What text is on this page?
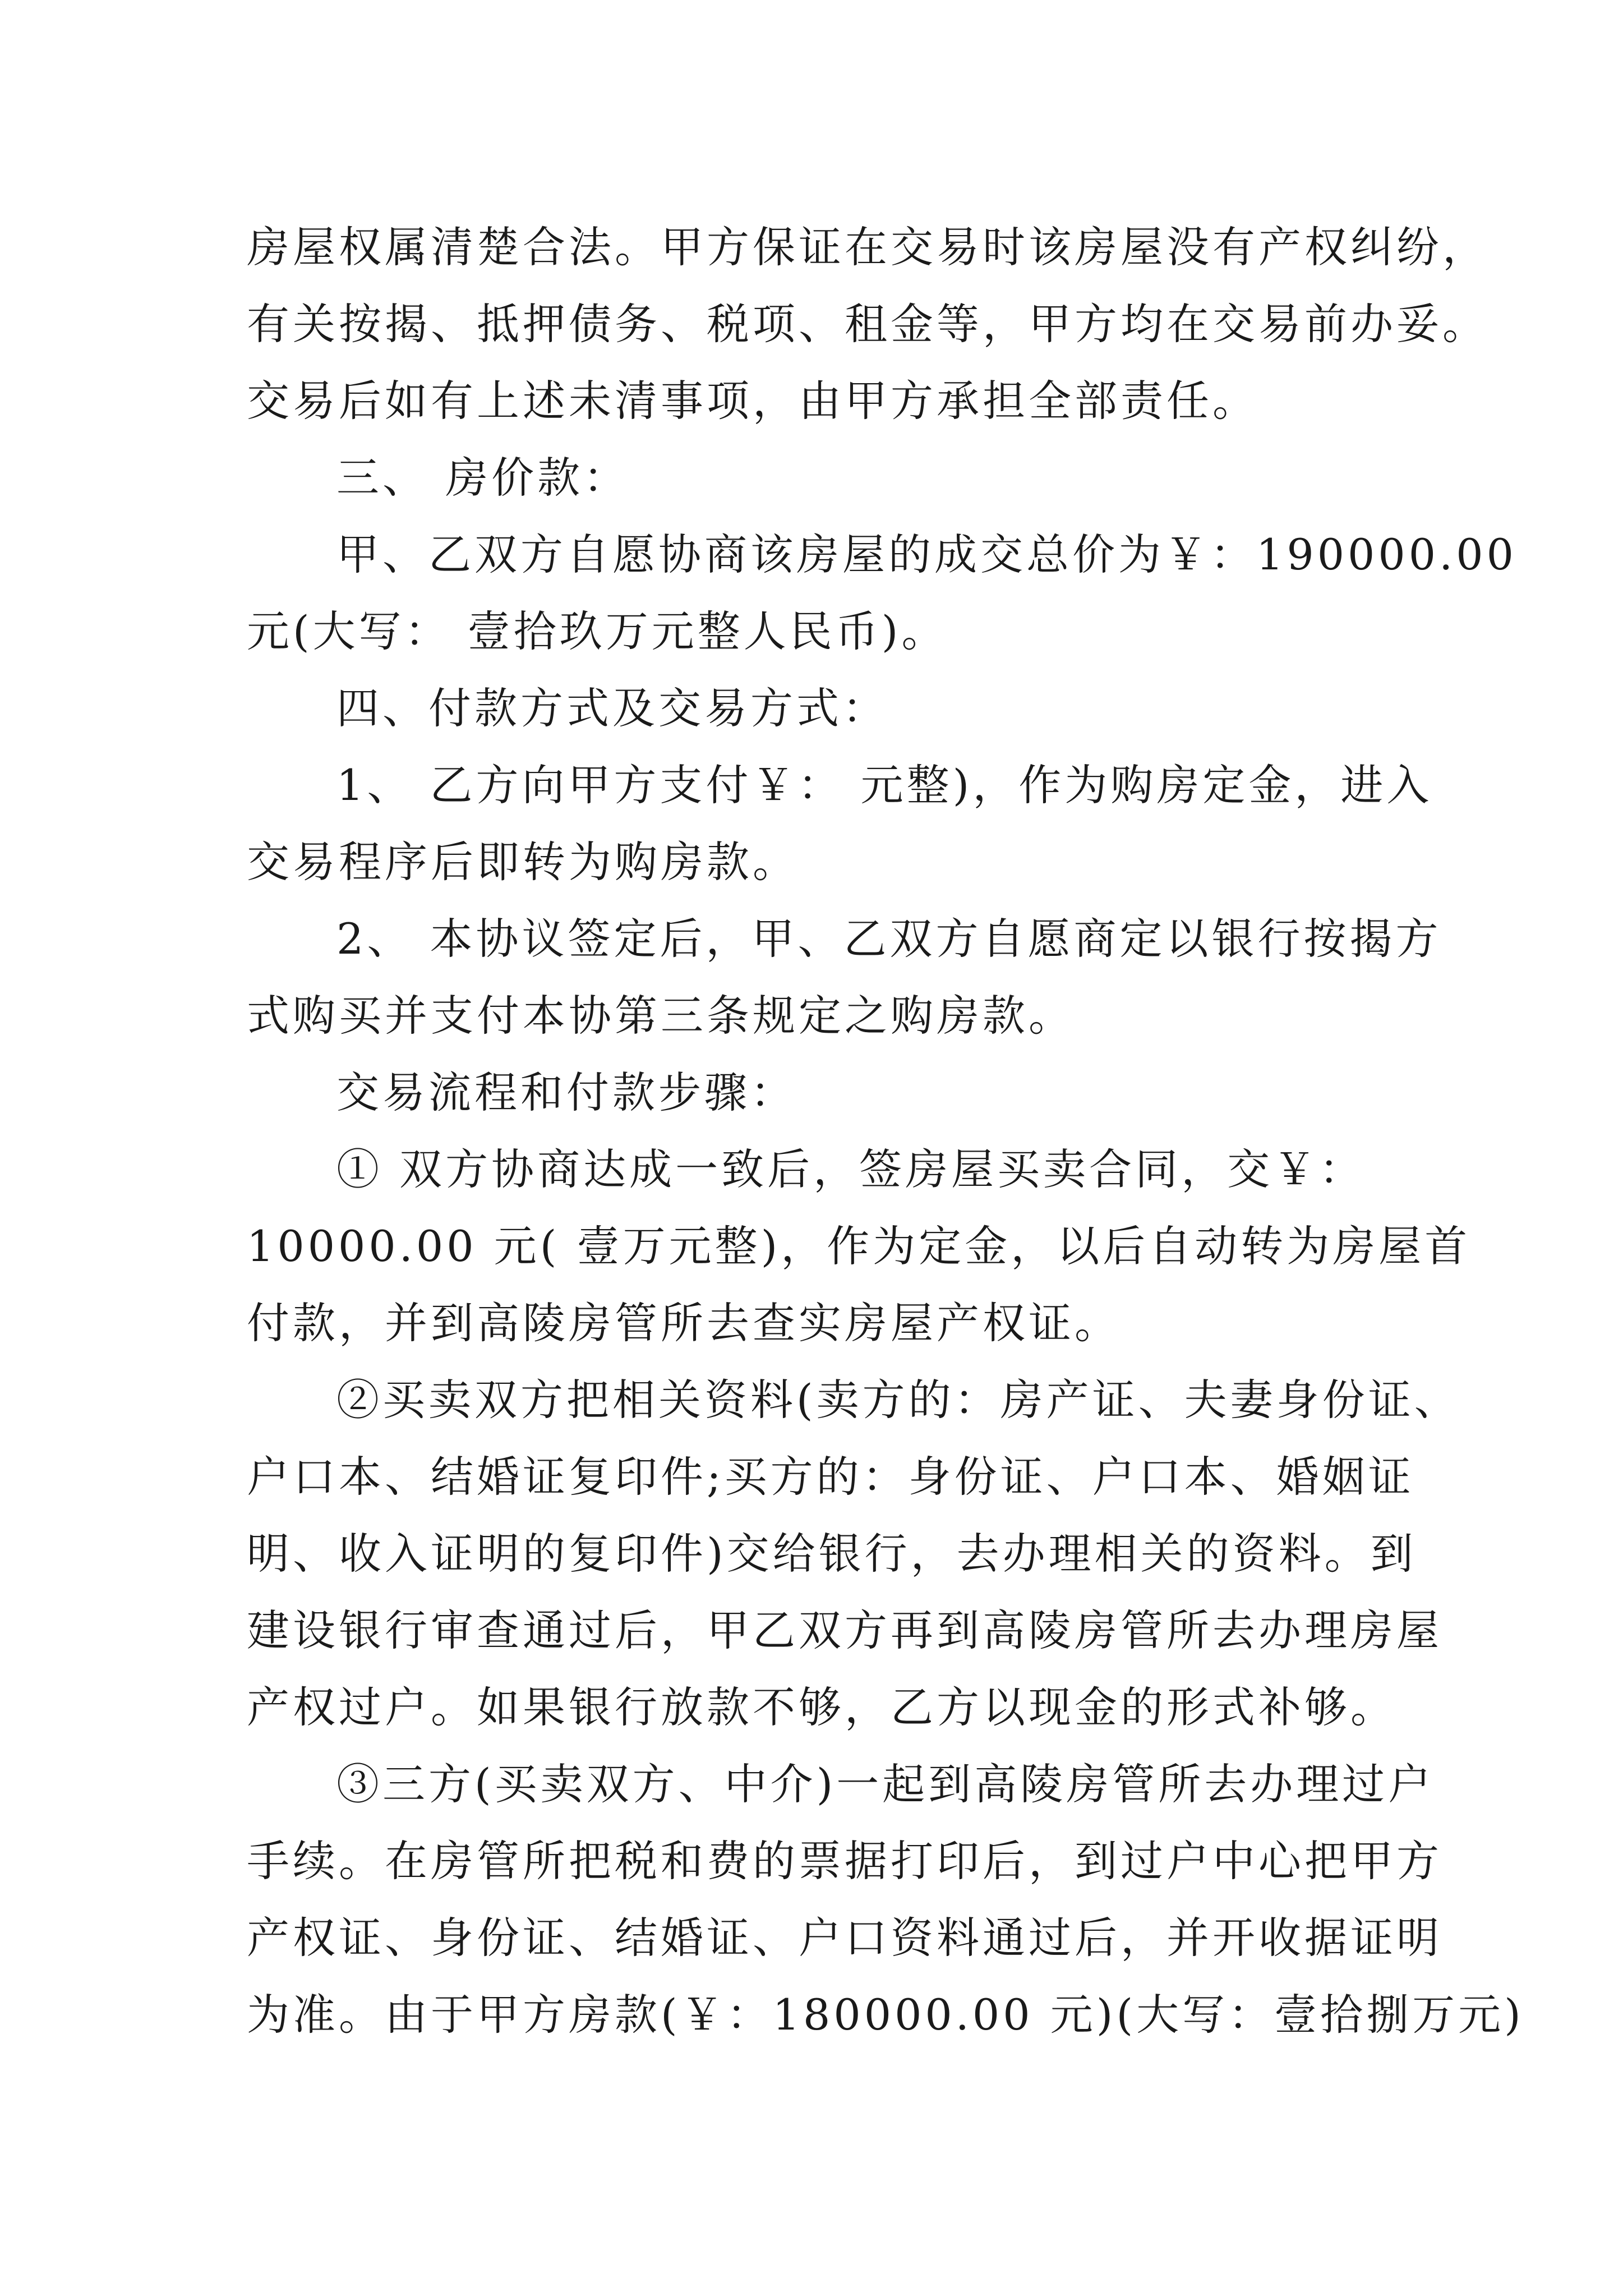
房屋权属清楚合法。甲方保证在交易时该房屋没有产权纠纷，
有关按揭、抵押债务、税项、租金等，甲方均在交易前办妥。
交易后如有上述未清事项，由甲方承担全部责任。
三、 房价款：
甲、乙双方自愿协商该房屋的成交总价为￥：190000.00
元(大写： 壹拾玖万元整人民币)。
四、付款方式及交易方式：
1、 乙方向甲方支付￥： 元整)，作为购房定金，进入
交易程序后即转为购房款。
2、 本协议签定后，甲、乙双方自愿商定以银行按揭方
式购买并支付本协第三条规定之购房款。
交易流程和付款步骤：
① 双方协商达成一致后，签房屋买卖合同，交￥：
10000.00 元( 壹万元整)，作为定金，以后自动转为房屋首
付款，并到高陵房管所去查实房屋产权证。
②买卖双方把相关资料(卖方的：房产证、夫妻身份证、
户口本、结婚证复印件;买方的：身份证、户口本、婚姻证
明、收入证明的复印件)交给银行，去办理相关的资料。到
建设银行审查通过后，甲乙双方再到高陵房管所去办理房屋
产权过户。如果银行放款不够，乙方以现金的形式补够。
③三方(买卖双方、中介)一起到高陵房管所去办理过户
手续。在房管所把税和费的票据打印后，到过户中心把甲方
产权证、身份证、结婚证、户口资料通过后，并开收据证明
为准。由于甲方房款(￥：180000.00 元)(大写：壹拾捌万元)
